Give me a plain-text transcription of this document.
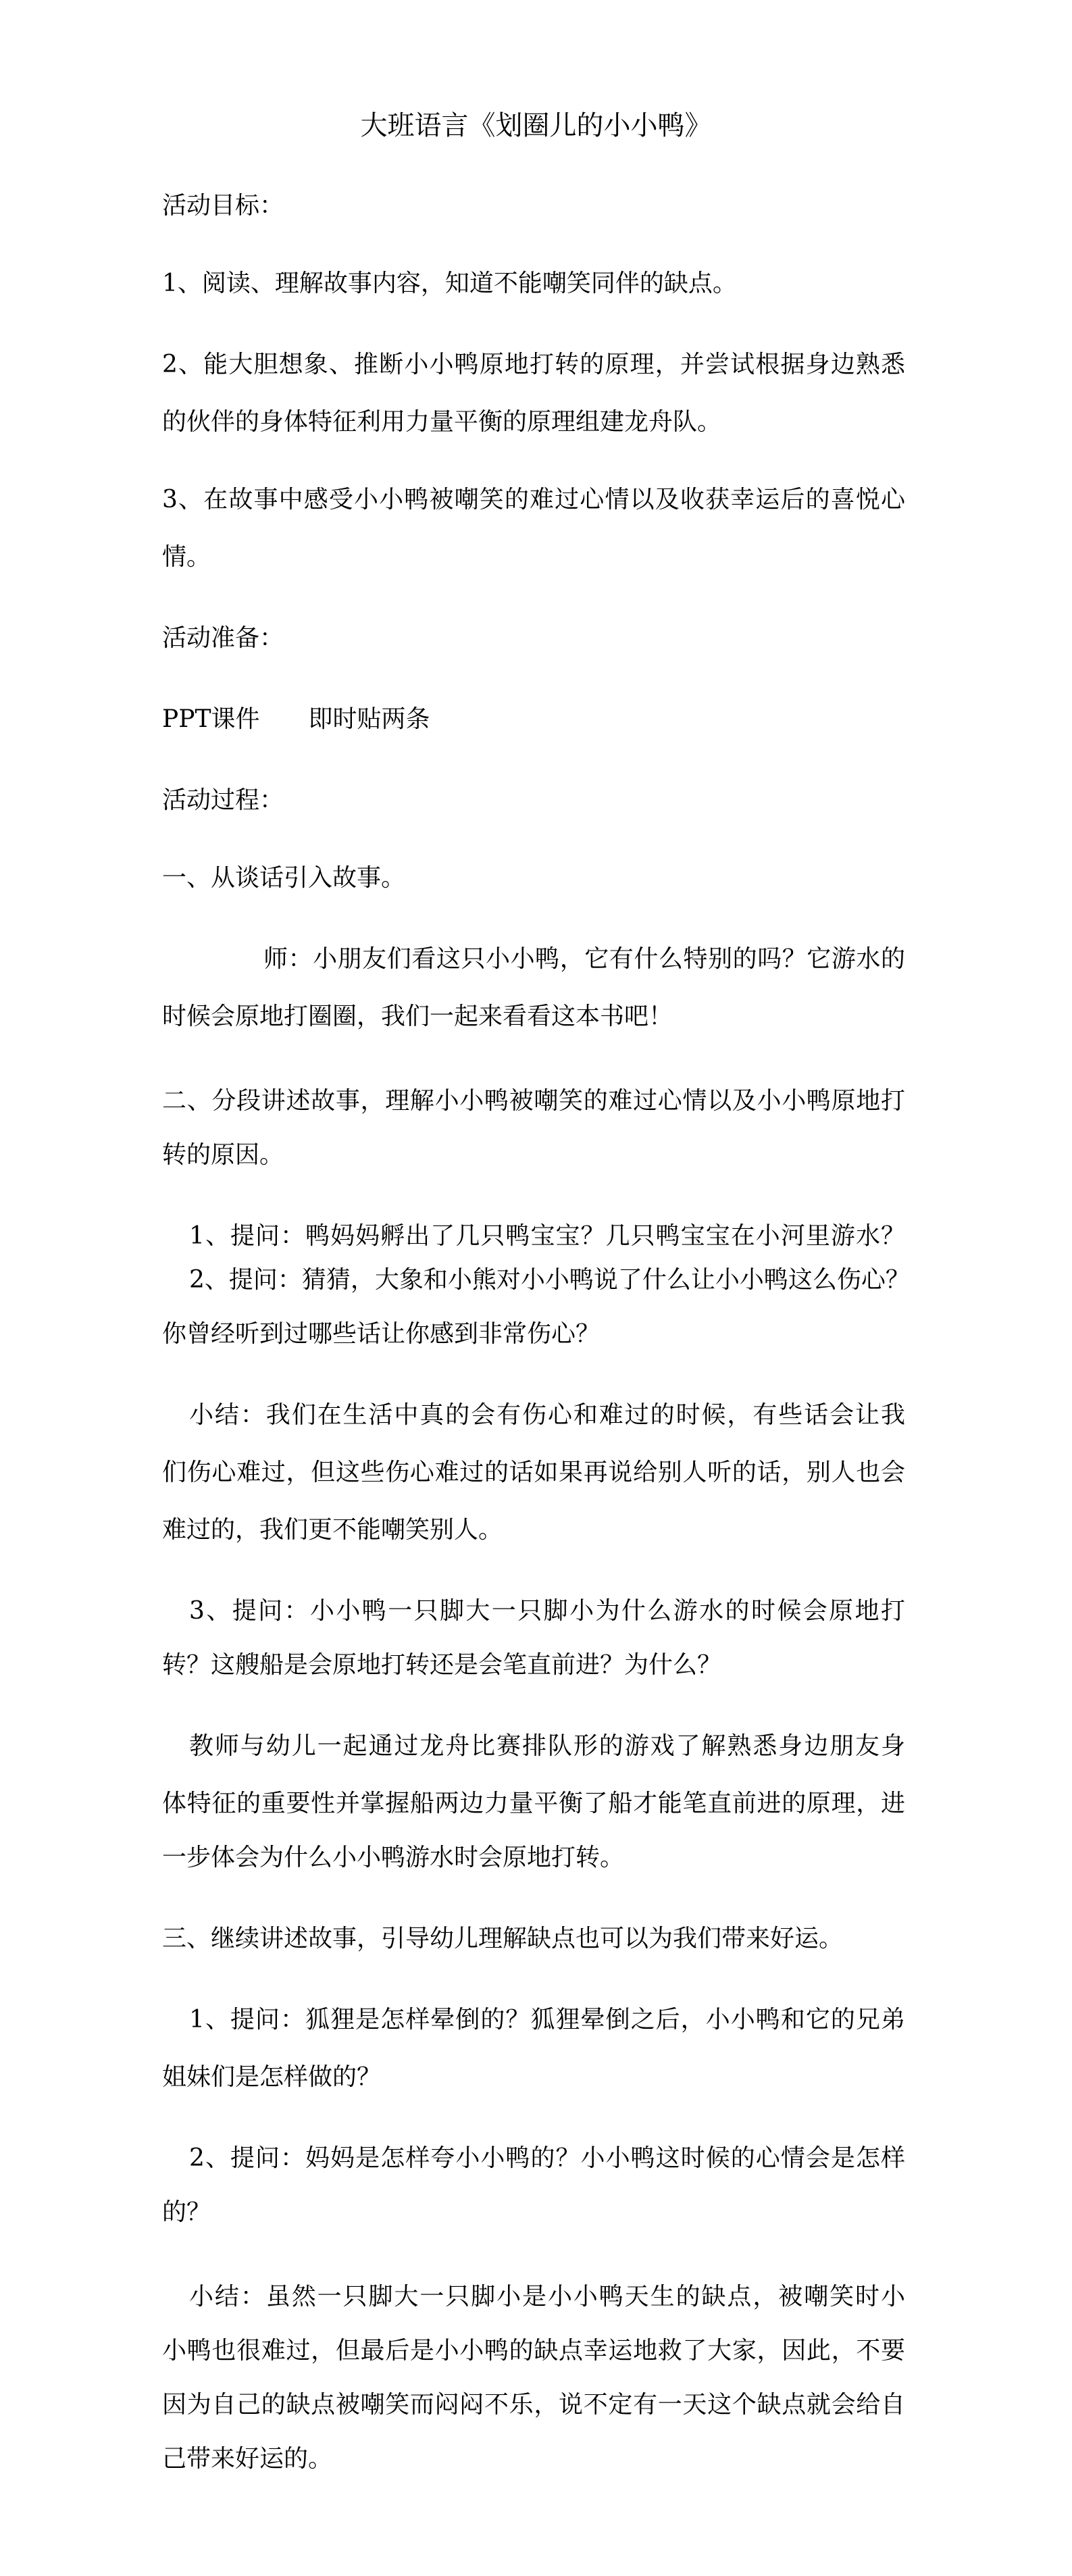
大班语言《划圈儿的小小鸭》
活动目标：
1、阅读、理解故事内容，知道不能嘲笑同伴的缺点。
2、能大胆想象、推断小小鸭原地打转的原理，并尝试根据身边熟悉
的伙伴的身体特征利用力量平衡的原理组建龙舟队。
3、在故事中感受小小鸭被嘲笑的难过心情以及收获幸运后的喜悦心
情。
活动准备：
PPT课件　　即时贴两条
活动过程：
一、从谈话引入故事。
师：小朋友们看这只小小鸭，它有什么特别的吗？它游水的
时候会原地打圈圈，我们一起来看看这本书吧！
二、分段讲述故事，理解小小鸭被嘲笑的难过心情以及小小鸭原地打
转的原因。
1、提问：鸭妈妈孵出了几只鸭宝宝？几只鸭宝宝在小河里游水？
2、提问：猜猜，大象和小熊对小小鸭说了什么让小小鸭这么伤心？
你曾经听到过哪些话让你感到非常伤心？
小结：我们在生活中真的会有伤心和难过的时候，有些话会让我
们伤心难过，但这些伤心难过的话如果再说给别人听的话，别人也会
难过的，我们更不能嘲笑别人。
3、提问：小小鸭一只脚大一只脚小为什么游水的时候会原地打
转？这艘船是会原地打转还是会笔直前进？为什么？
教师与幼儿一起通过龙舟比赛排队形的游戏了解熟悉身边朋友身
体特征的重要性并掌握船两边力量平衡了船才能笔直前进的原理，进
一步体会为什么小小鸭游水时会原地打转。
三、继续讲述故事，引导幼儿理解缺点也可以为我们带来好运。
1、提问：狐狸是怎样晕倒的？狐狸晕倒之后，小小鸭和它的兄弟
姐妹们是怎样做的？
2、提问：妈妈是怎样夸小小鸭的？小小鸭这时候的心情会是怎样
的？
小结：虽然一只脚大一只脚小是小小鸭天生的缺点，被嘲笑时小
小鸭也很难过，但最后是小小鸭的缺点幸运地救了大家，因此，不要
因为自己的缺点被嘲笑而闷闷不乐，说不定有一天这个缺点就会给自
己带来好运的。
